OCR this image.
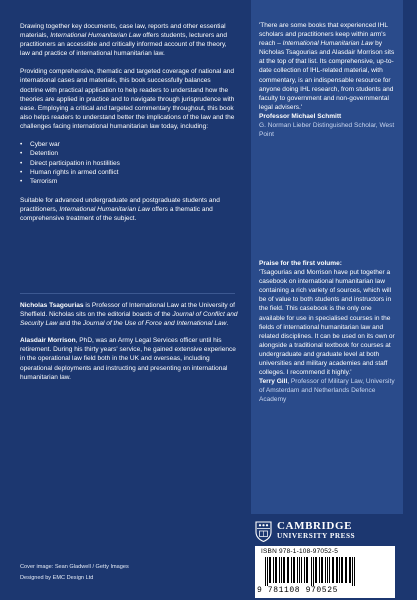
Drawing together key documents, case law, reports and other essential materials, International Humanitarian Law offers students, lecturers and practitioners an accessible and critically informed account of the theory, law and practice of international humanitarian law.

Providing comprehensive, thematic and targeted coverage of national and international cases and materials, this book successfully balances doctrine with practical application to help readers to understand how the theories are applied in practice and to navigate through jurisprudence with ease. Employing a critical and targeted commentary throughout, this book also helps readers to understand better the implications of the law and the challenges facing international humanitarian law today, including:

• Cyber war
• Detention
• Direct participation in hostilities
• Human rights in armed conflict
• Terrorism

Suitable for advanced undergraduate and postgraduate students and practitioners, International Humanitarian Law offers a thematic and comprehensive treatment of the subject.

Nicholas Tsagourias is Professor of International Law at the University of Sheffield. Nicholas sits on the editorial boards of the Journal of Conflict and Security Law and the Journal of the Use of Force and International Law.

Alasdair Morrison, PhD, was an Army Legal Services officer until his retirement. During his thirty years' service, he gained extensive experience in the operational law field both in the UK and overseas, including operational deployments and instructing and presenting on international humanitarian law.

Cover image: Sean Gladwell / Getty Images
Designed by EMC Design Ltd

'There are some books that experienced IHL scholars and practitioners keep within arm's reach – International Humanitarian Law by Nicholas Tsagourias and Alasdair Morrison sits at the top of that list. Its comprehensive, up-to-date collection of IHL-related material, with commentary, is an indispensable resource for anyone doing IHL research, from students and faculty to government and non-governmental legal advisers.'

Professor Michael Schmitt
G. Norman Lieber Distinguished Scholar, West Point
Praise for the first volume:

'Tsagourias and Morrison have put together a casebook on international humanitarian law containing a rich variety of sources, which will be of value to both students and instructors in the field. This casebook is the only one available for use in specialised courses in the fields of international humanitarian law and related disciplines. It can be used on its own or alongside a traditional textbook for courses at undergraduate and graduate level at both universities and military academies and staff colleges. I recommend it highly.'

Terry Gill, Professor of Military Law, University of Amsterdam and Netherlands Defence Academy
CAMBRIDGE
UNIVERSITY PRESS
ISBN 978-1-108-97052-5
9 781108 970525
